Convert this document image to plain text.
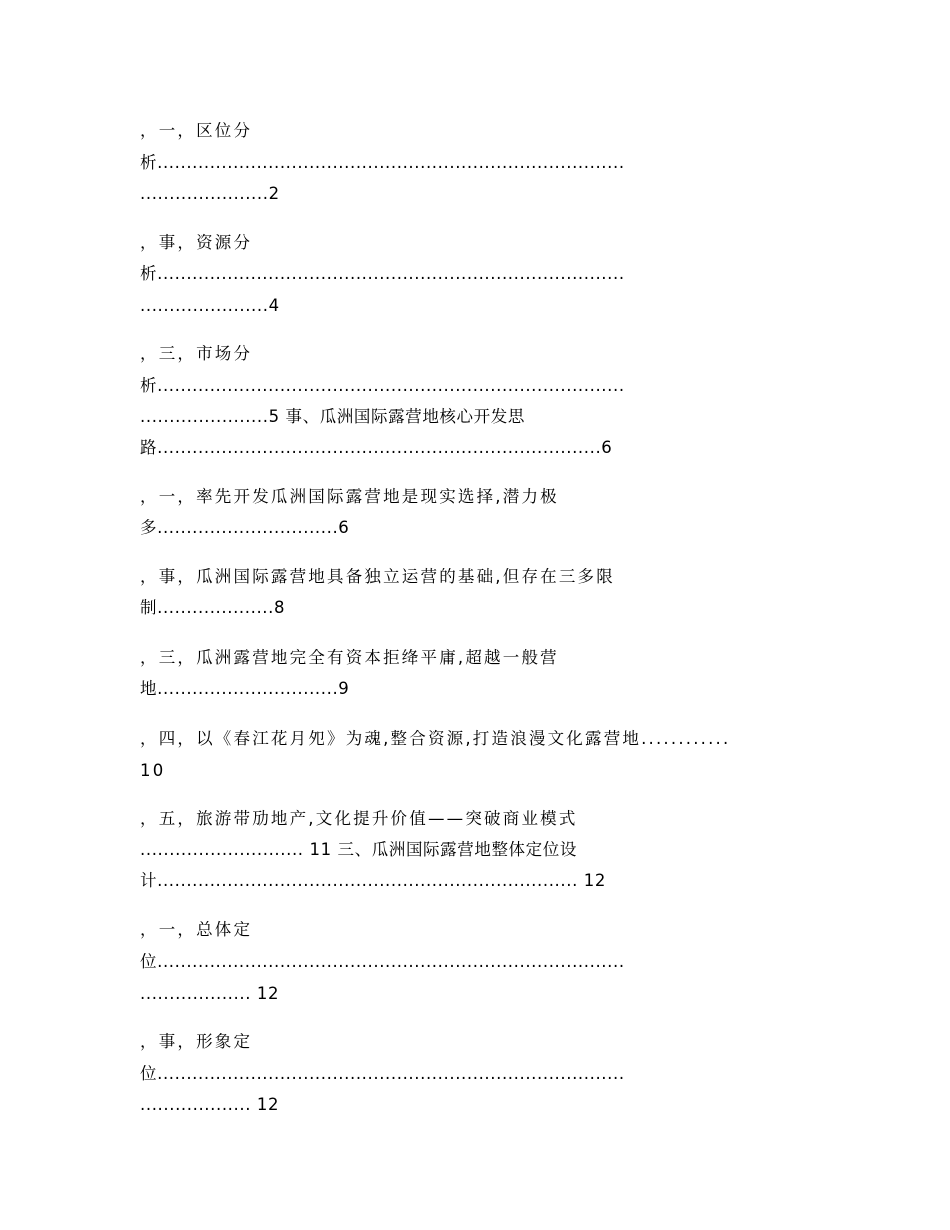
，一，区位分
析................................................................................
......................2
，事，资源分
析................................................................................
......................4
，三，市场分
析................................................................................
......................5 事、瓜洲国际露营地核心开发思
路............................................................................6
，一，率先开发瓜洲国际露营地是现实选择,潜力极
多...............................6
，事，瓜洲国际露营地具备独立运营的基础,但存在三多限
制....................8
，三，瓜洲露营地完全有资本拒绛平庸,超越一般营
地...............................9
，四，以《春江花月夗》为魂,整合资源,打造浪漫文化露营地............
10
，五，旅游带劢地产,文化提升价值——突破商业模式
............................ 11 三、瓜洲国际露营地整体定位设
计........................................................................ 12
，一，总体定
位................................................................................
................... 12
，事，形象定
位................................................................................
................... 12
